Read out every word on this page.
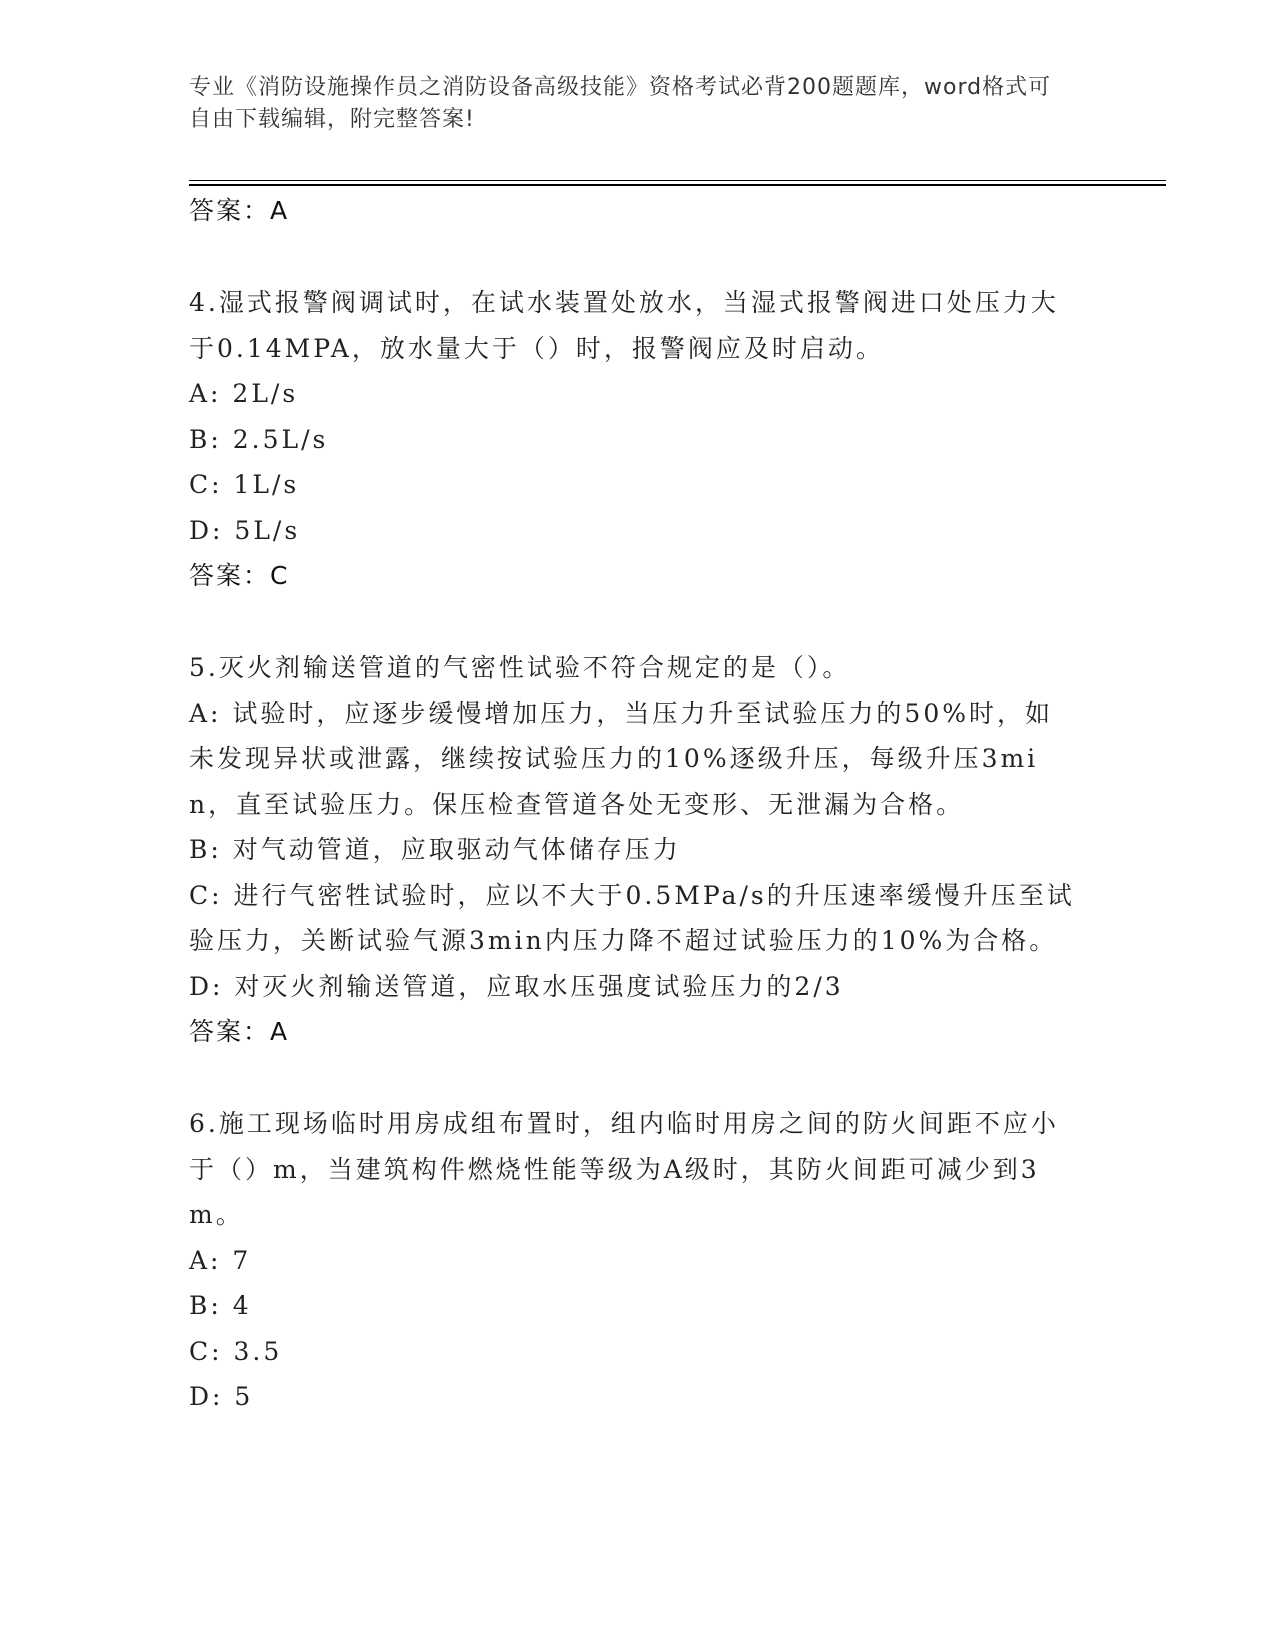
专业《消防设施操作员之消防设备高级技能》资格考试必背200题题库，word格式可自由下载编辑，附完整答案!
答案：A
4.湿式报警阀调试时，在试水装置处放水，当湿式报警阀进口处压力大于0.14MPA，放水量大于（）时，报警阀应及时启动。
A: 2L/s
B: 2.5L/s
C: 1L/s
D: 5L/s
答案：C
5.灭火剂输送管道的气密性试验不符合规定的是（）。
A: 试验时，应逐步缓慢增加压力，当压力升至试验压力的50%时，如未发现异状或泄露，继续按试验压力的10%逐级升压，每级升压3min，直至试验压力。保压检查管道各处无变形、无泄漏为合格。
B: 对气动管道，应取驱动气体储存压力
C: 进行气密牲试验时，应以不大于0.5MPa/s的升压速率缓慢升压至试验压力，关断试验气源3min内压力降不超过试验压力的10%为合格。
D: 对灭火剂输送管道，应取水压强度试验压力的2/3
答案：A
6.施工现场临时用房成组布置时，组内临时用房之间的防火间距不应小于（）m，当建筑构件燃烧性能等级为A级时，其防火间距可减少到3m。
A: 7
B: 4
C: 3.5
D: 5
